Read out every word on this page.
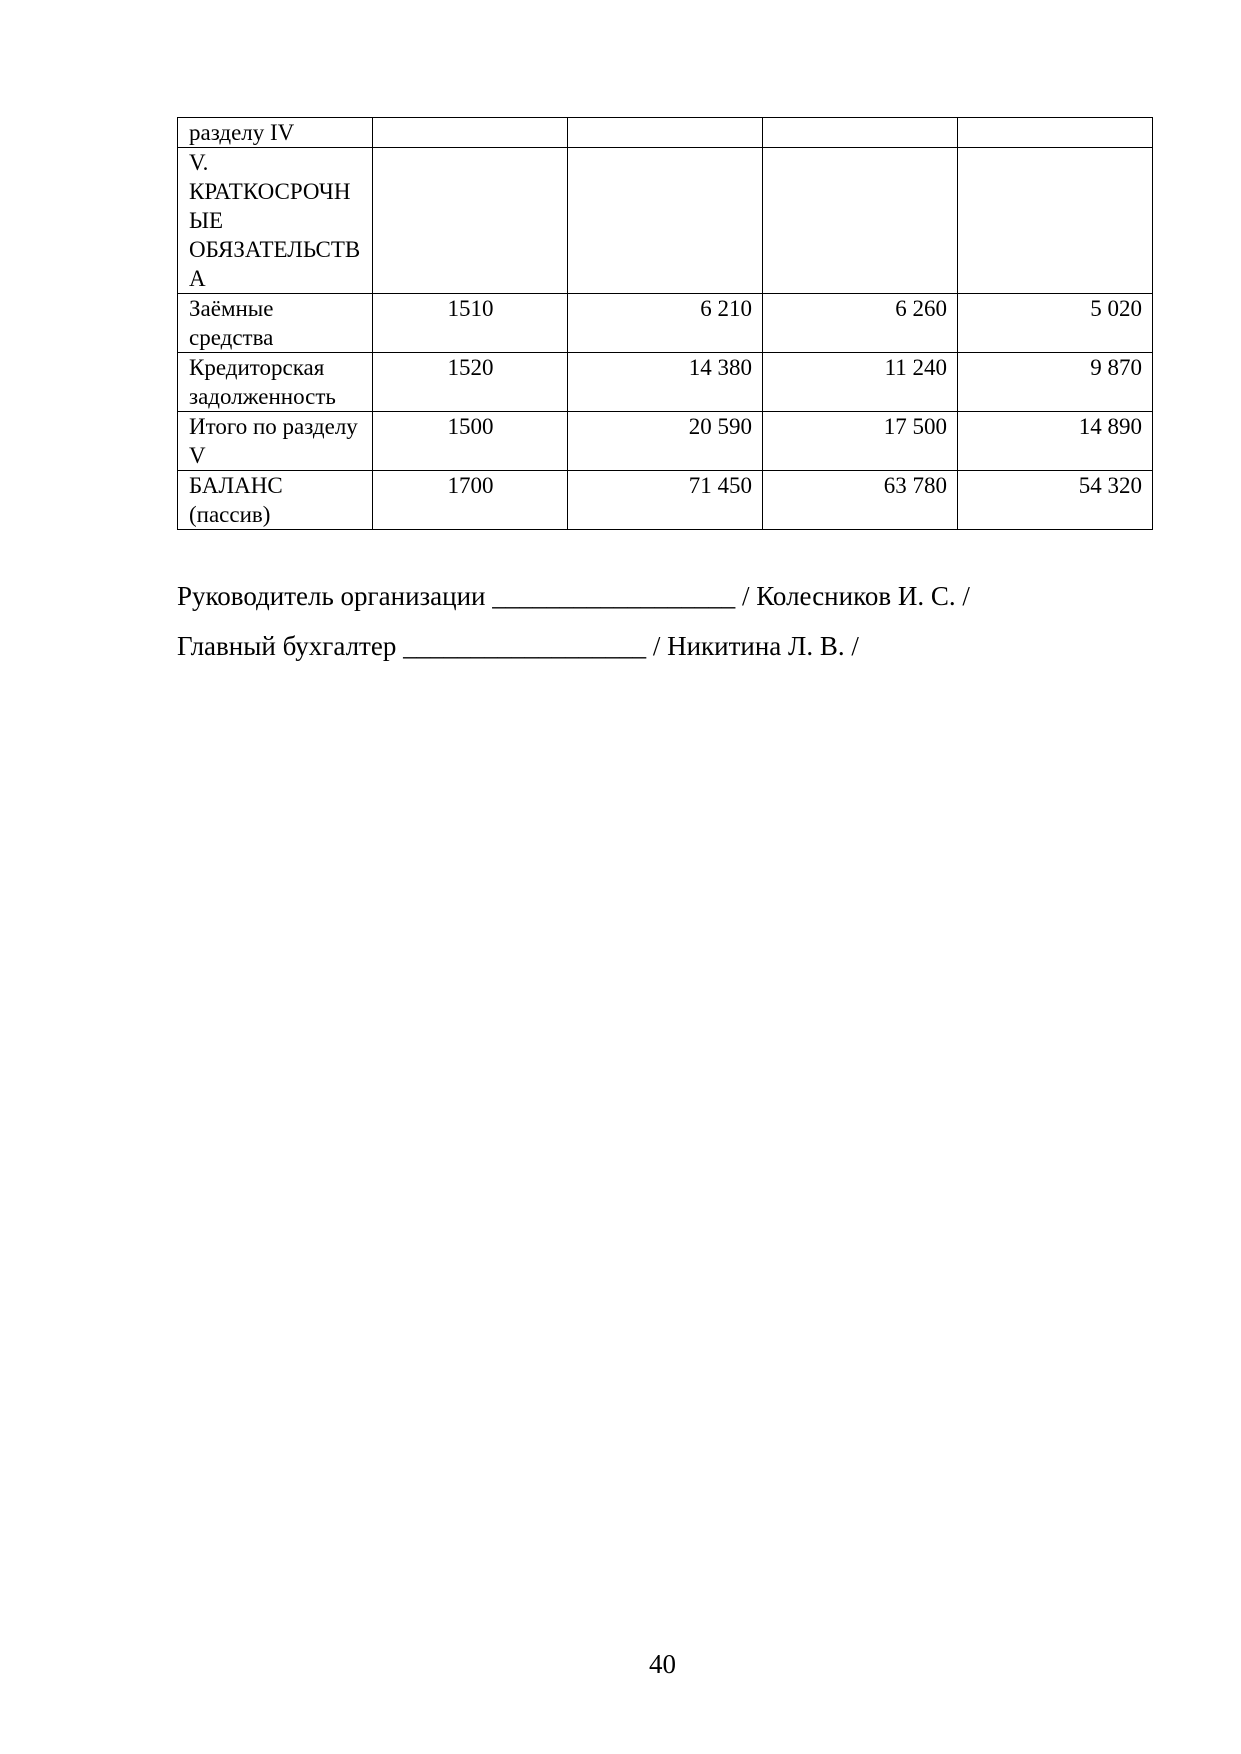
разделу IV				
V. КРАТКОСРОЧНЫЕ ОБЯЗАТЕЛЬСТВА				
Заёмные средства	1510	6 210	6 260	5 020
Кредиторская задолженность	1520	14 380	11 240	9 870
Итого по разделу V	1500	20 590	17 500	14 890
БАЛАНС (пассив)	1700	71 450	63 780	54 320
Руководитель организации __________________ / Колесников И. С. /
Главный бухгалтер __________________ / Никитина Л. В. /
40
